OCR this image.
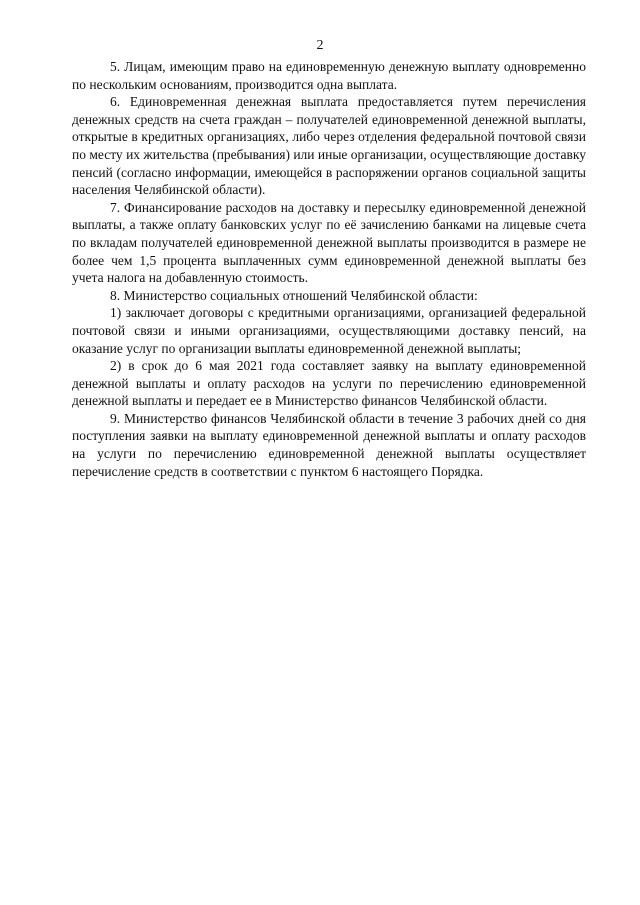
2

5. Лицам, имеющим право на единовременную денежную выплату одновременно по нескольким основаниям, производится одна выплата.

6. Единовременная денежная выплата предоставляется путем перечисления денежных средств на счета граждан – получателей единовременной денежной выплаты, открытые в кредитных организациях, либо через отделения федеральной почтовой связи по месту их жительства (пребывания) или иные организации, осуществляющие доставку пенсий (согласно информации, имеющейся в распоряжении органов социальной защиты населения Челябинской области).

7. Финансирование расходов на доставку и пересылку единовременной денежной выплаты, а также оплату банковских услуг по её зачислению банками на лицевые счета по вкладам получателей единовременной денежной выплаты производится в размере не более чем 1,5 процента выплаченных сумм единовременной денежной выплаты без учета налога на добавленную стоимость.

8. Министерство социальных отношений Челябинской области:

1) заключает договоры с кредитными организациями, организацией федеральной почтовой связи и иными организациями, осуществляющими доставку пенсий, на оказание услуг по организации выплаты единовременной денежной выплаты;

2) в срок до 6 мая 2021 года составляет заявку на выплату единовременной денежной выплаты и оплату расходов на услуги по перечислению единовременной денежной выплаты и передает ее в Министерство финансов Челябинской области.

9. Министерство финансов Челябинской области в течение 3 рабочих дней со дня поступления заявки на выплату единовременной денежной выплаты и оплату расходов на услуги по перечислению единовременной денежной выплаты осуществляет перечисление средств в соответствии с пунктом 6 настоящего Порядка.
